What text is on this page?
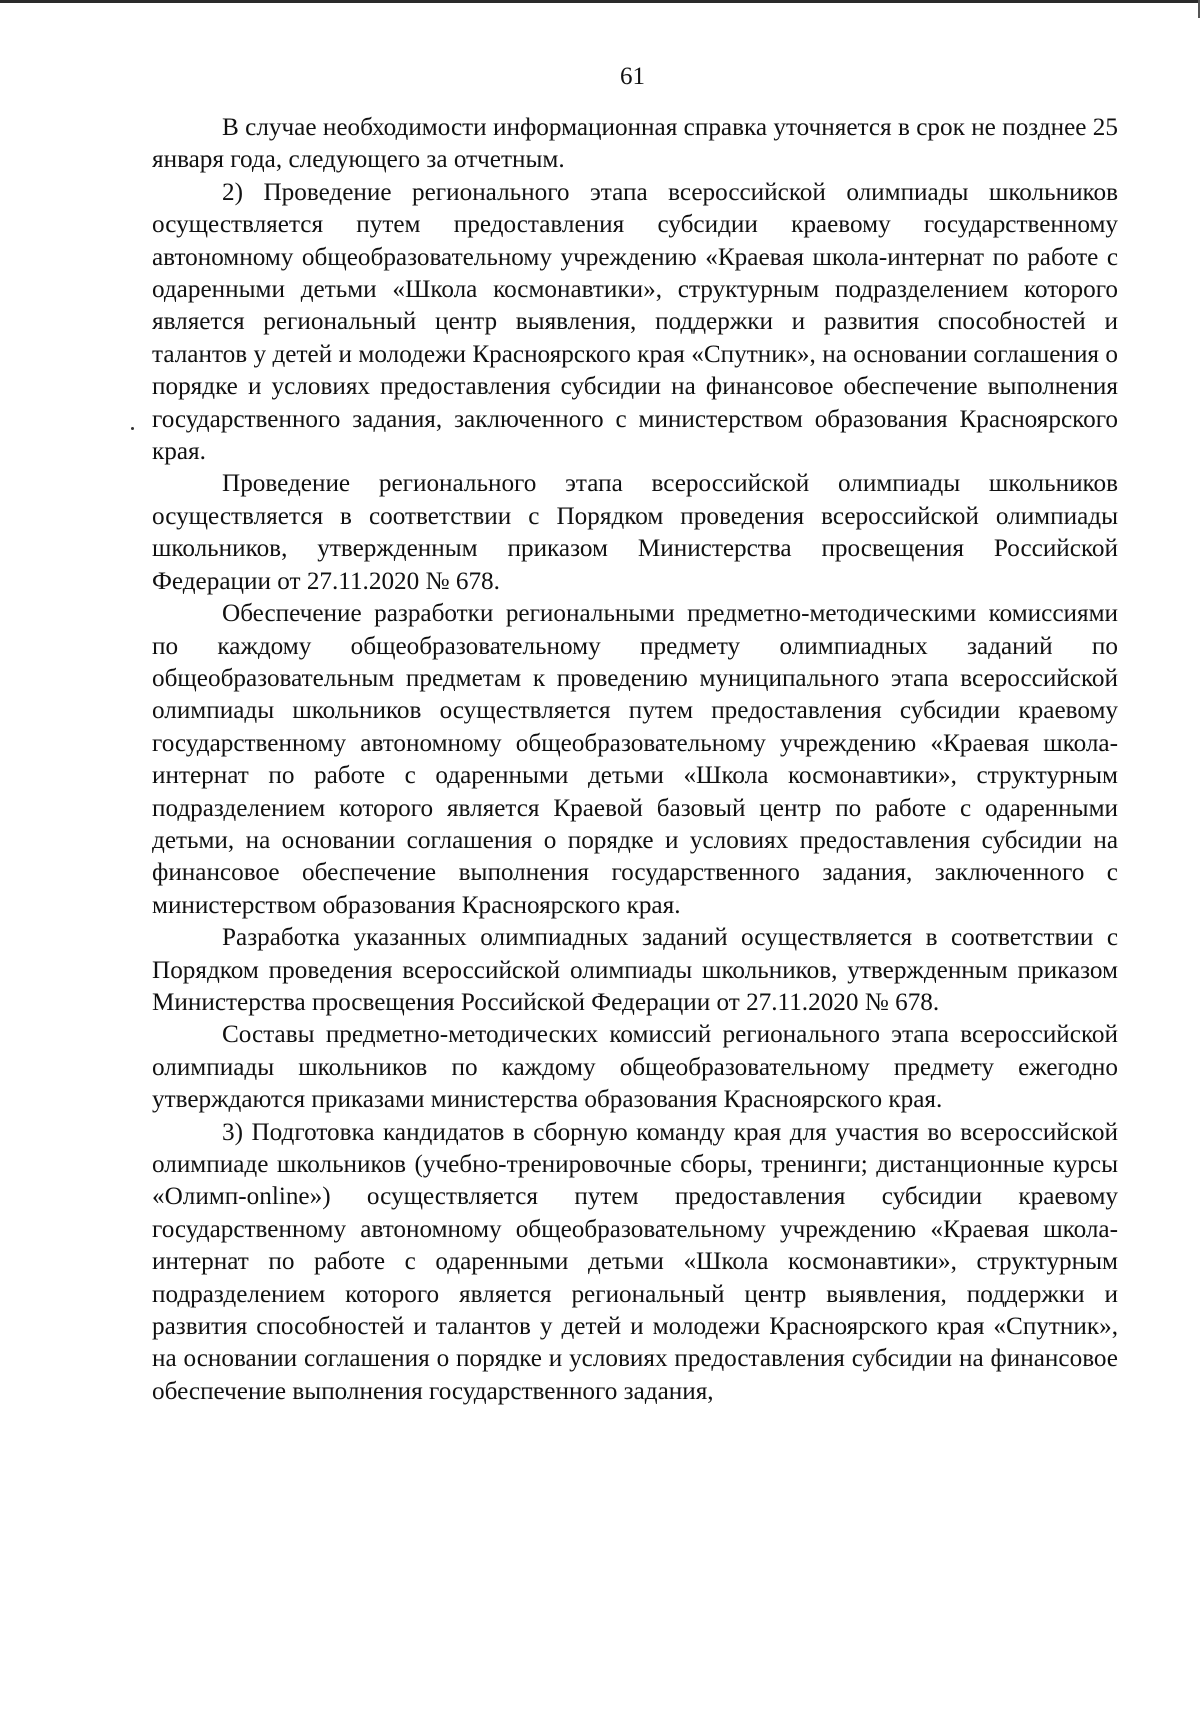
61

В случае необходимости информационная справка уточняется в срок не позднее 25 января года, следующего за отчетным.

2) Проведение регионального этапа всероссийской олимпиады школьников осуществляется путем предоставления субсидии краевому государственному автономному общеобразовательному учреждению «Краевая школа-интернат по работе с одаренными детьми «Школа космонавтики», структурным подразделением которого является региональный центр выявления, поддержки и развития способностей и талантов у детей и молодежи Красноярского края «Спутник», на основании соглашения о порядке и условиях предоставления субсидии на финансовое обеспечение выполнения государственного задания, заключенного с министерством образования Красноярского края.

Проведение регионального этапа всероссийской олимпиады школьников осуществляется в соответствии с Порядком проведения всероссийской олимпиады школьников, утвержденным приказом Министерства просвещения Российской Федерации от 27.11.2020 № 678.

Обеспечение разработки региональными предметно-методическими комиссиями по каждому общеобразовательному предмету олимпиадных заданий по общеобразовательным предметам к проведению муниципального этапа всероссийской олимпиады школьников осуществляется путем предоставления субсидии краевому государственному автономному общеобразовательному учреждению «Краевая школа-интернат по работе с одаренными детьми «Школа космонавтики», структурным подразделением которого является Краевой базовый центр по работе с одаренными детьми, на основании соглашения о порядке и условиях предоставления субсидии на финансовое обеспечение выполнения государственного задания, заключенного с министерством образования Красноярского края.

Разработка указанных олимпиадных заданий осуществляется в соответствии с Порядком проведения всероссийской олимпиады школьников, утвержденным приказом Министерства просвещения Российской Федерации от 27.11.2020 № 678.

Составы предметно-методических комиссий регионального этапа всероссийской олимпиады школьников по каждому общеобразовательному предмету ежегодно утверждаются приказами министерства образования Красноярского края.

3) Подготовка кандидатов в сборную команду края для участия во всероссийской олимпиаде школьников (учебно-тренировочные сборы, тренинги; дистанционные курсы «Олимп-online») осуществляется путем предоставления субсидии краевому государственному автономному общеобразовательному учреждению «Краевая школа-интернат по работе с одаренными детьми «Школа космонавтики», структурным подразделением которого является региональный центр выявления, поддержки и развития способностей и талантов у детей и молодежи Красноярского края «Спутник», на основании соглашения о порядке и условиях предоставления субсидии на финансовое обеспечение выполнения государственного задания,
